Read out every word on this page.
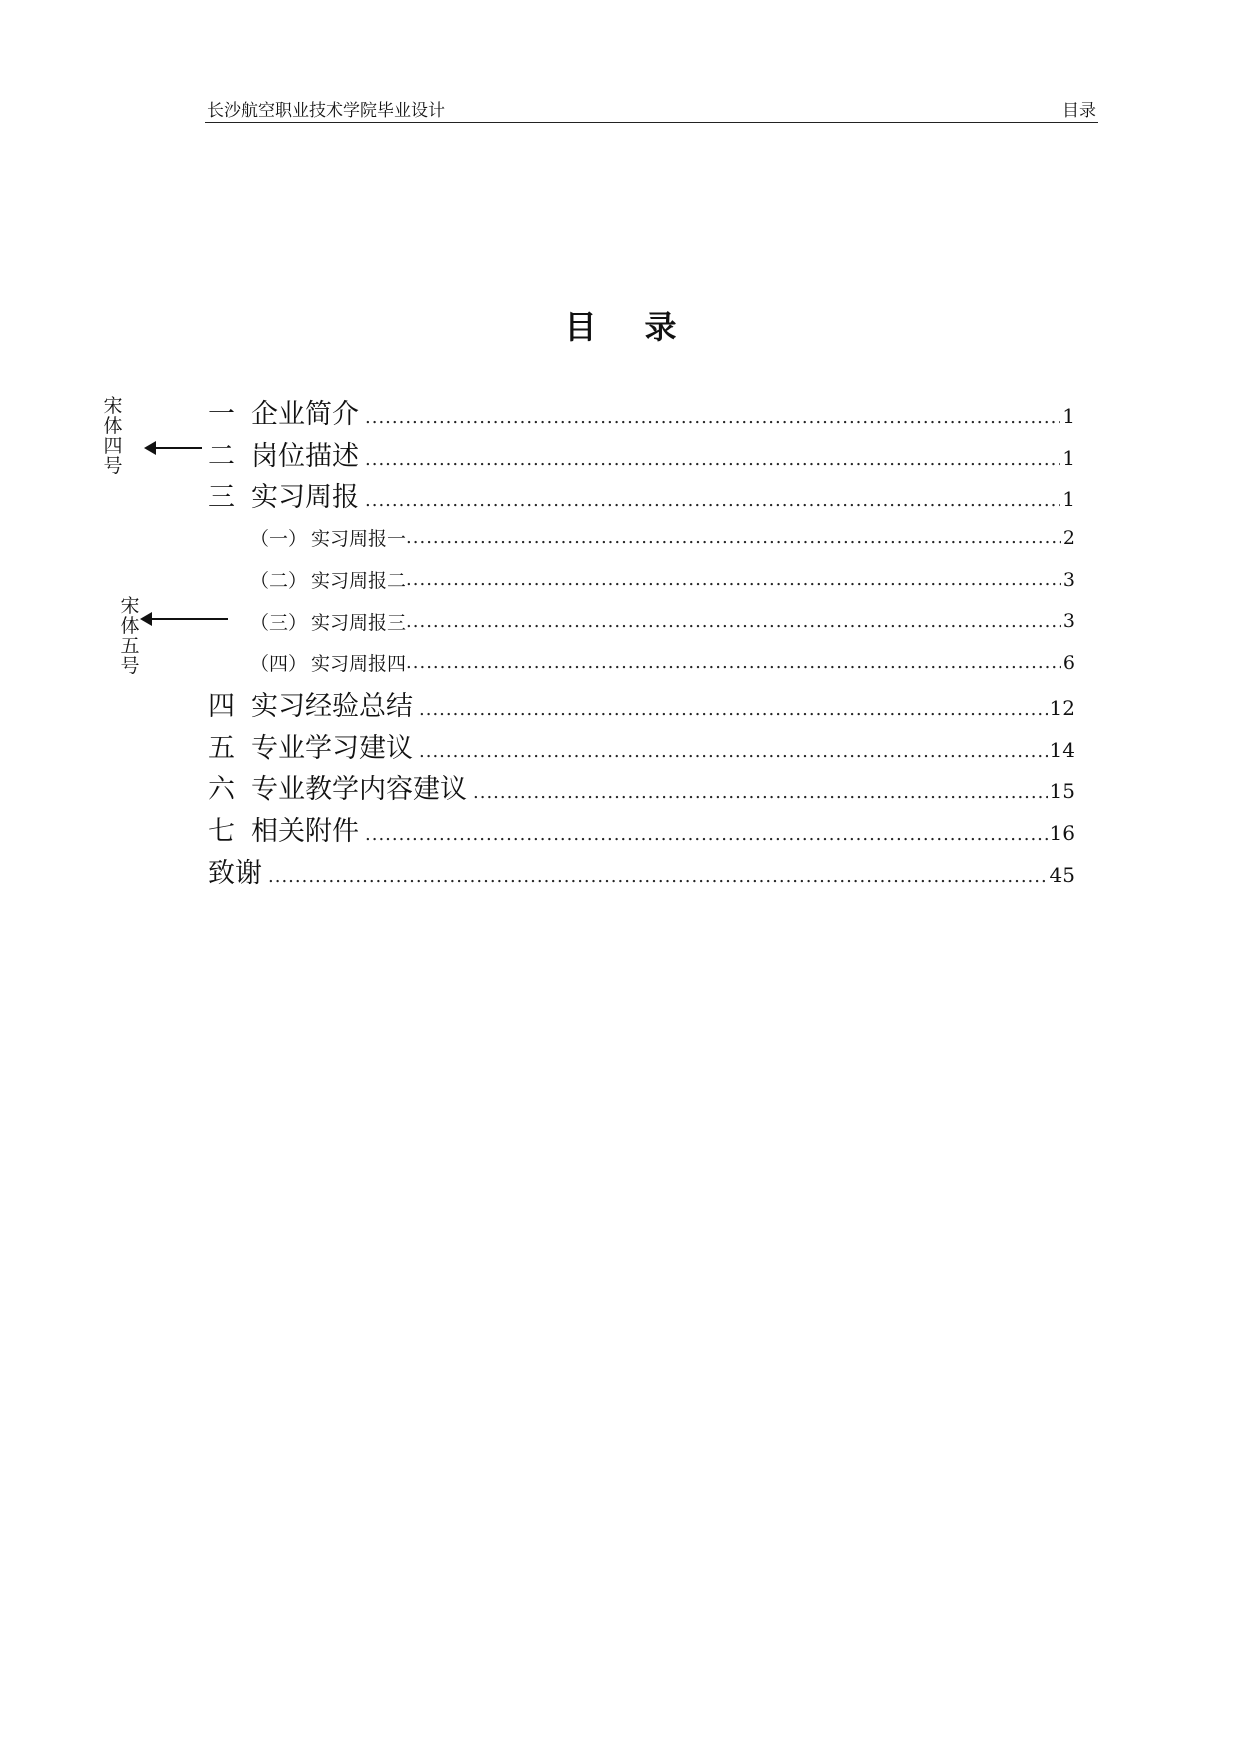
长沙航空职业技术学院毕业设计	目录
目 录
一 企业简介 .....	1
二 岗位描述 .....	1
三 实习周报 .....	1
（一） 实习周报一 .....	2
（二） 实习周报二 .....	3
（三） 实习周报三 .....	3
（四） 实习周报四 .....	6
四 实习经验总结 .....	12
五 专业学习建议 .....	14
六 专业教学内容建议 .....	15
七 相关附件 .....	16
致谢 .....	45
宋
体
四
号
宋
体
五
号
